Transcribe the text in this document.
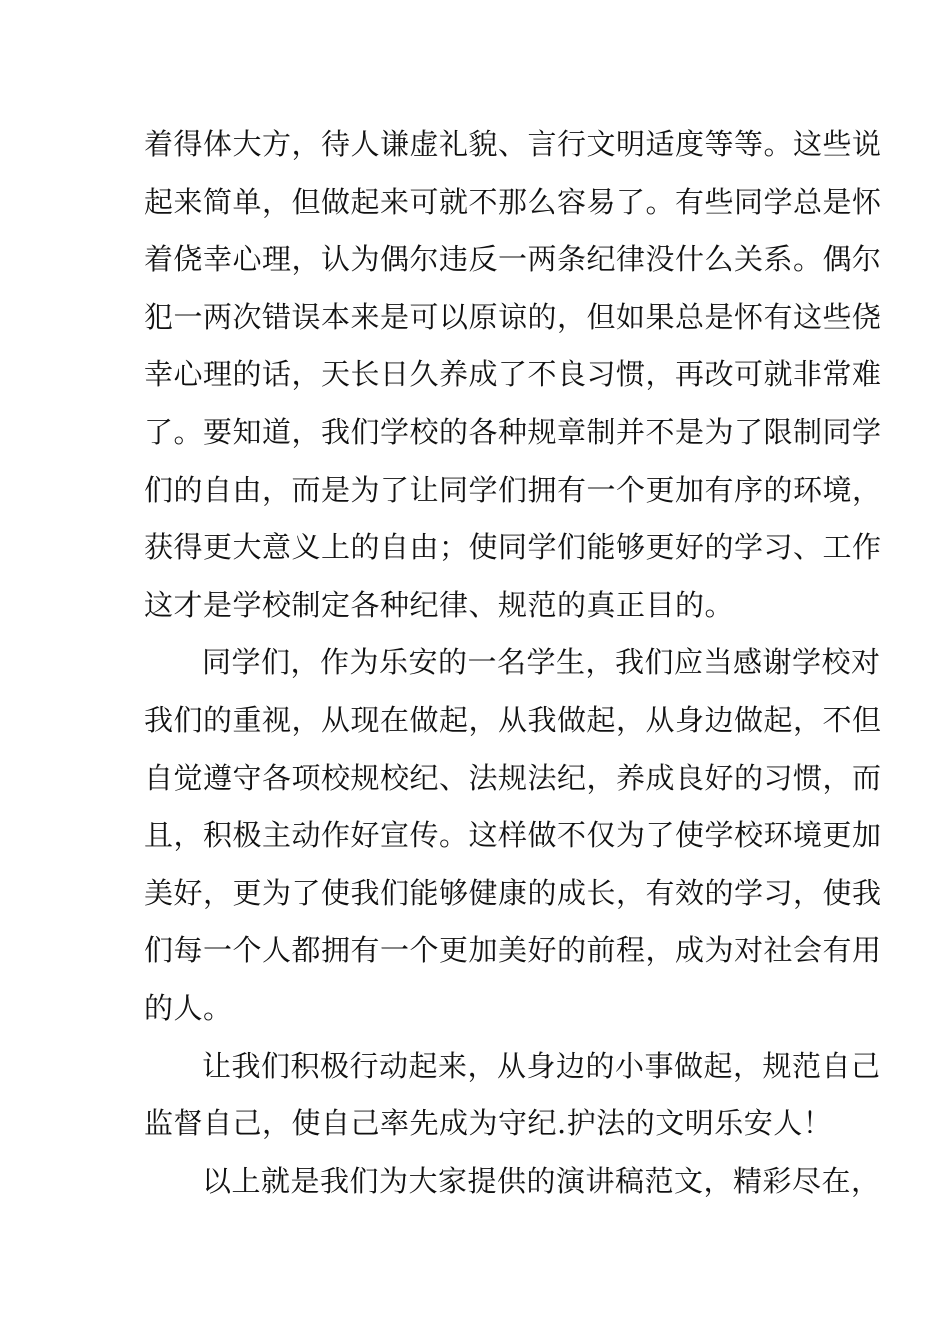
着得体大方，待人谦虚礼貌、言行文明适度等等。这些说
起来简单，但做起来可就不那么容易了。有些同学总是怀
着侥幸心理，认为偶尔违反一两条纪律没什么关系。偶尔
犯一两次错误本来是可以原谅的，但如果总是怀有这些侥
幸心理的话，天长日久养成了不良习惯，再改可就非常难
了。要知道，我们学校的各种规章制并不是为了限制同学
们的自由，而是为了让同学们拥有一个更加有序的环境，
获得更大意义上的自由；使同学们能够更好的学习、工作
这才是学校制定各种纪律、规范的真正目的。
同学们，作为乐安的一名学生，我们应当感谢学校对
我们的重视，从现在做起，从我做起，从身边做起，不但
自觉遵守各项校规校纪、法规法纪，养成良好的习惯，而
且，积极主动作好宣传。这样做不仅为了使学校环境更加
美好，更为了使我们能够健康的成长，有效的学习，使我
们每一个人都拥有一个更加美好的前程，成为对社会有用
的人。
让我们积极行动起来，从身边的小事做起，规范自己
监督自己，使自己率先成为守纪.护法的文明乐安人！
以上就是我们为大家提供的演讲稿范文，精彩尽在，
